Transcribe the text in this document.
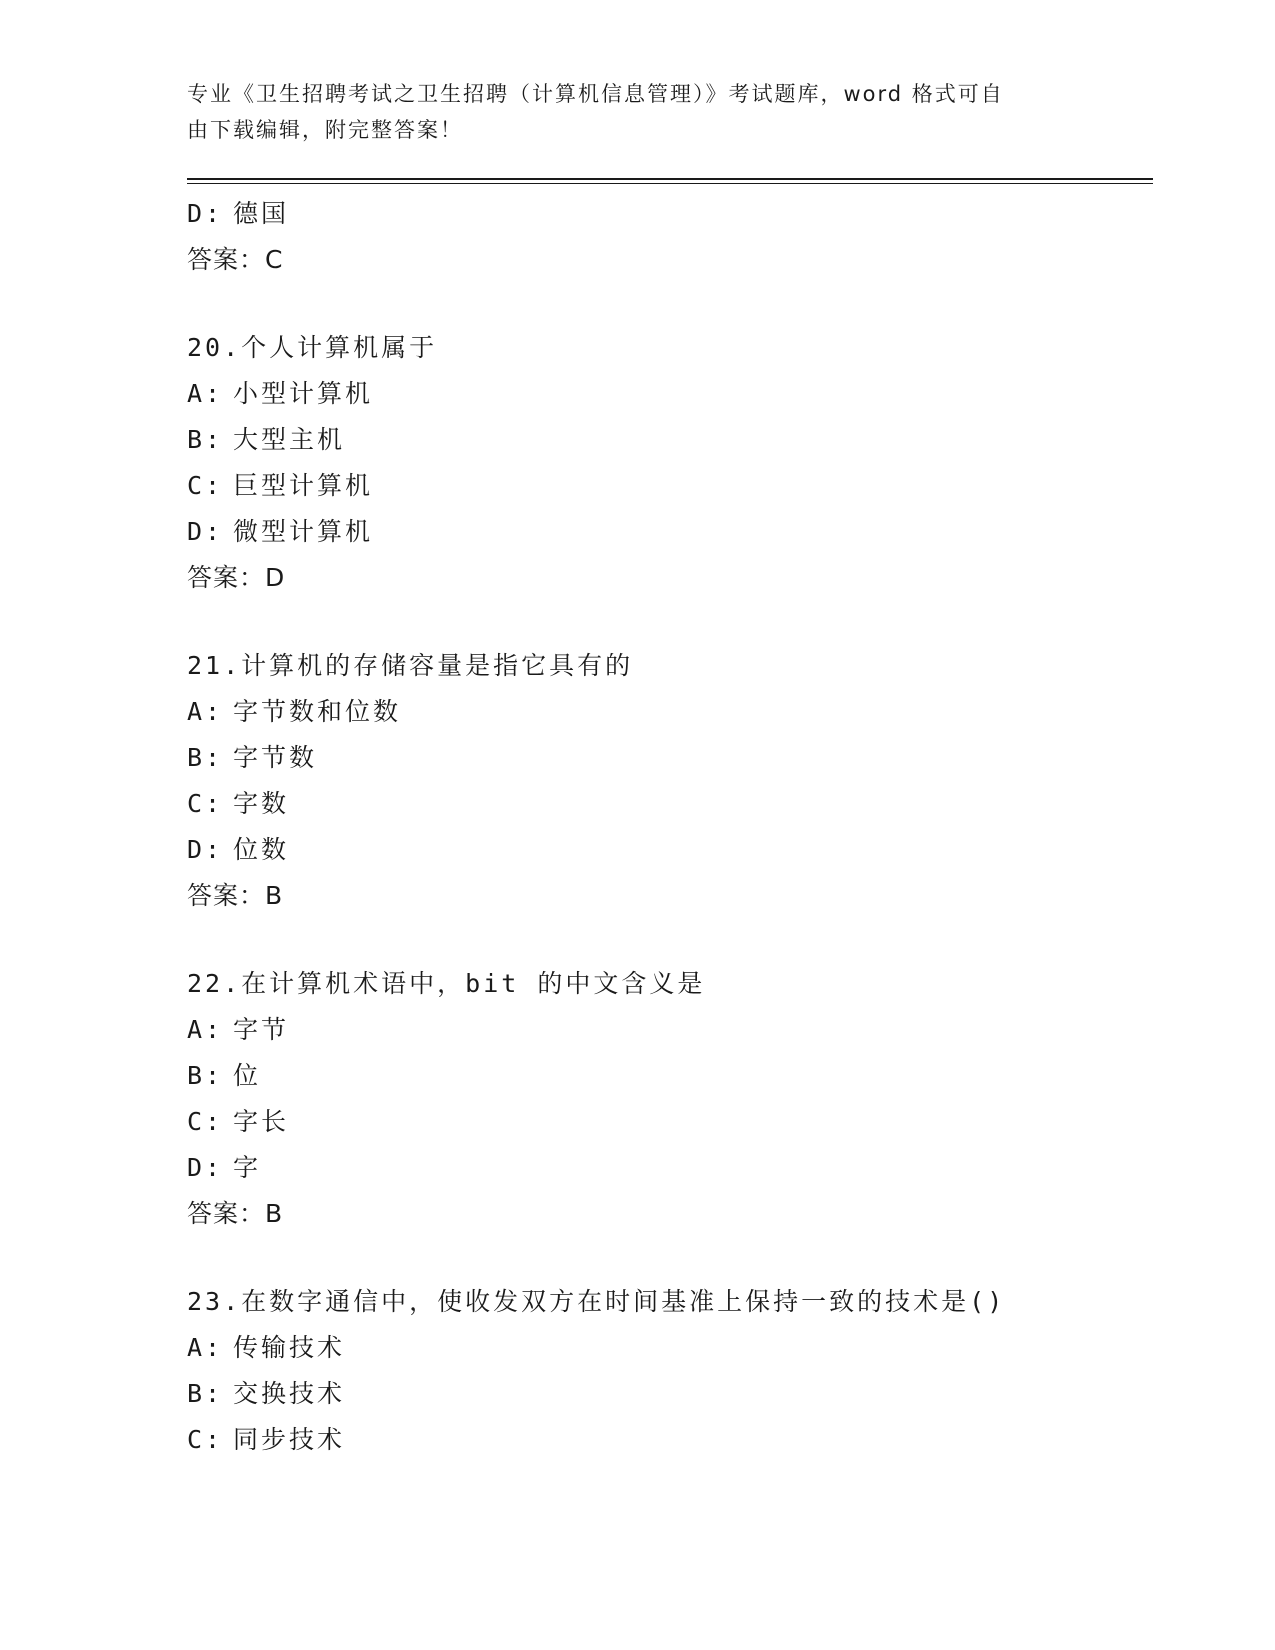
专业《卫生招聘考试之卫生招聘（计算机信息管理）》考试题库，word 格式可自
由下载编辑，附完整答案！
D: 德国
答案：C
20.个人计算机属于
A: 小型计算机
B: 大型主机
C: 巨型计算机
D: 微型计算机
答案：D
21.计算机的存储容量是指它具有的
A: 字节数和位数
B: 字节数
C: 字数
D: 位数
答案：B
22.在计算机术语中，bit 的中文含义是
A: 字节
B: 位
C: 字长
D: 字
答案：B
23.在数字通信中，使收发双方在时间基准上保持一致的技术是()
A: 传输技术
B: 交换技术
C: 同步技术
